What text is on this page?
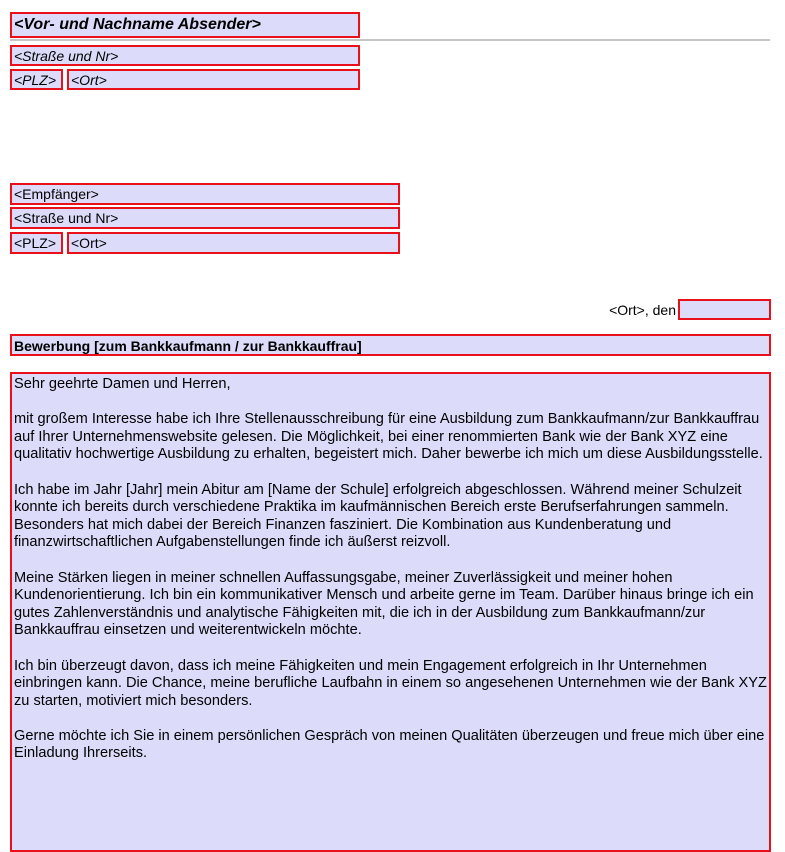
<Vor- und Nachname Absender>
<Straße und Nr>
<PLZ>	<Ort>
<Empfänger>
<Straße und Nr>
<PLZ>	<Ort>
<Ort>, den
Bewerbung [zum Bankkaufmann / zur Bankkauffrau]

Sehr geehrte Damen und Herren,

mit großem Interesse habe ich Ihre Stellenausschreibung für eine Ausbildung zum Bankkaufmann/zur Bankkauffrau auf Ihrer Unternehmenswebsite gelesen. Die Möglichkeit, bei einer renommierten Bank wie der Bank XYZ eine qualitativ hochwertige Ausbildung zu erhalten, begeistert mich. Daher bewerbe ich mich um diese Ausbildungsstelle.

Ich habe im Jahr [Jahr] mein Abitur am [Name der Schule] erfolgreich abgeschlossen. Während meiner Schulzeit konnte ich bereits durch verschiedene Praktika im kaufmännischen Bereich erste Berufserfahrungen sammeln. Besonders hat mich dabei der Bereich Finanzen fasziniert. Die Kombination aus Kundenberatung und finanzwirtschaftlichen Aufgabenstellungen finde ich äußerst reizvoll.

Meine Stärken liegen in meiner schnellen Auffassungsgabe, meiner Zuverlässigkeit und meiner hohen Kundenorientierung. Ich bin ein kommunikativer Mensch und arbeite gerne im Team. Darüber hinaus bringe ich ein gutes Zahlenverständnis und analytische Fähigkeiten mit, die ich in der Ausbildung zum Bankkaufmann/zur Bankkauffrau einsetzen und weiterentwickeln möchte.

Ich bin überzeugt davon, dass ich meine Fähigkeiten und mein Engagement erfolgreich in Ihr Unternehmen einbringen kann. Die Chance, meine berufliche Laufbahn in einem so angesehenen Unternehmen wie der Bank XYZ zu starten, motiviert mich besonders.

Gerne möchte ich Sie in einem persönlichen Gespräch von meinen Qualitäten überzeugen und freue mich über eine Einladung Ihrerseits.
